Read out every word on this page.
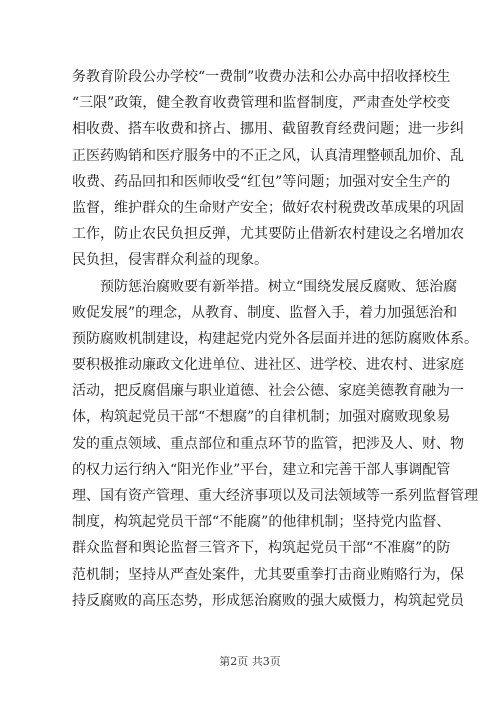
务教育阶段公办学校“一费制”收费办法和公办高中招收择校生
“三限”政策，健全教育收费管理和监督制度，严肃查处学校变
相收费、搭车收费和挤占、挪用、截留教育经费问题；进一步纠
正医药购销和医疗服务中的不正之风，认真清理整顿乱加价、乱
收费、药品回扣和医师收受“红包”等问题；加强对安全生产的
监督，维护群众的生命财产安全；做好农村税费改革成果的巩固
工作，防止农民负担反弹，尤其要防止借新农村建设之名增加农
民负担，侵害群众利益的现象。
预防惩治腐败要有新举措。树立“围绕发展反腐败、惩治腐
败促发展”的理念，从教育、制度、监督入手，着力加强惩治和
预防腐败机制建设，构建起党内党外各层面并进的惩防腐败体系。
要积极推动廉政文化进单位、进社区、进学校、进农村、进家庭
活动，把反腐倡廉与职业道德、社会公德、家庭美德教育融为一
体，构筑起党员干部“不想腐”的自律机制；加强对腐败现象易
发的重点领域、重点部位和重点环节的监管，把涉及人、财、物
的权力运行纳入“阳光作业”平台，建立和完善干部人事调配管
理、国有资产管理、重大经济事项以及司法领域等一系列监督管理
制度，构筑起党员干部“不能腐”的他律机制；坚持党内监督、
群众监督和舆论监督三管齐下，构筑起党员干部“不准腐”的防
范机制；坚持从严查处案件，尤其要重拳打击商业贿赂行为，保
持反腐败的高压态势，形成惩治腐败的强大威慑力，构筑起党员
第2页 共3页
